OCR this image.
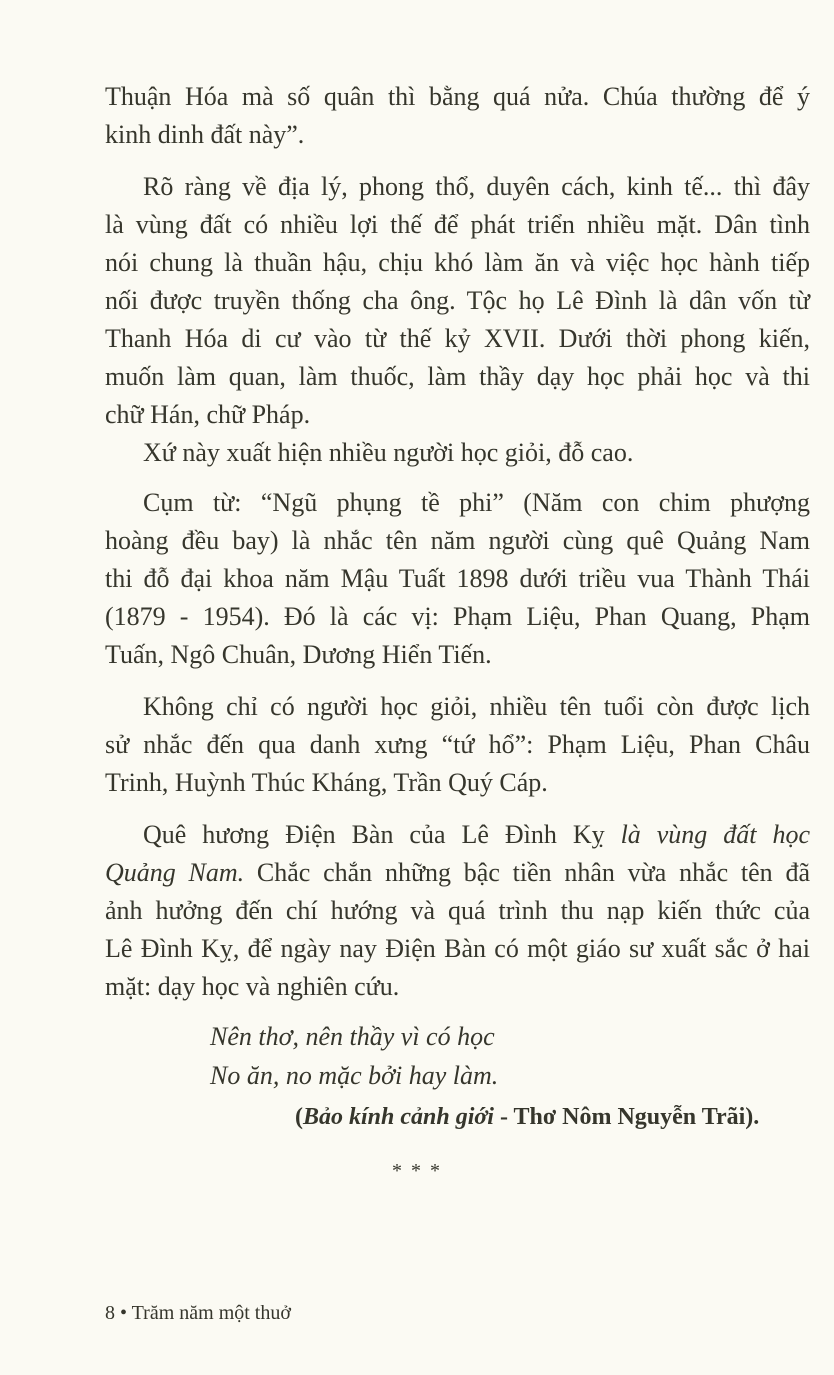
Thuận Hóa mà số quân thì bằng quá nửa. Chúa thường để ý
kinh dinh đất này”.
Rõ ràng về địa lý, phong thổ, duyên cách, kinh tế... thì đây
là vùng đất có nhiều lợi thế để phát triển nhiều mặt. Dân tình
nói chung là thuần hậu, chịu khó làm ăn và việc học hành tiếp
nối được truyền thống cha ông. Tộc họ Lê Đình là dân vốn từ
Thanh Hóa di cư vào từ thế kỷ XVII. Dưới thời phong kiến,
muốn làm quan, làm thuốc, làm thầy dạy học phải học và thi
chữ Hán, chữ Pháp.
Xứ này xuất hiện nhiều người học giỏi, đỗ cao.
Cụm từ: “Ngũ phụng tề phi” (Năm con chim phượng
hoàng đều bay) là nhắc tên năm người cùng quê Quảng Nam
thi đỗ đại khoa năm Mậu Tuất 1898 dưới triều vua Thành Thái
(1879 - 1954). Đó là các vị: Phạm Liệu, Phan Quang, Phạm
Tuấn, Ngô Chuân, Dương Hiển Tiến.
Không chỉ có người học giỏi, nhiều tên tuổi còn được lịch
sử nhắc đến qua danh xưng “tứ hổ”: Phạm Liệu, Phan Châu
Trinh, Huỳnh Thúc Kháng, Trần Quý Cáp.
Quê hương Điện Bàn của Lê Đình Kỵ là vùng đất học
Quảng Nam. Chắc chắn những bậc tiền nhân vừa nhắc tên đã
ảnh hưởng đến chí hướng và quá trình thu nạp kiến thức của
Lê Đình Kỵ, để ngày nay Điện Bàn có một giáo sư xuất sắc ở hai
mặt: dạy học và nghiên cứu.
Nên thơ, nên thầy vì có học
No ăn, no mặc bởi hay làm.
(Bảo kính cảnh giới - Thơ Nôm Nguyễn Trãi).
* * *
8 • Trăm năm một thuở
